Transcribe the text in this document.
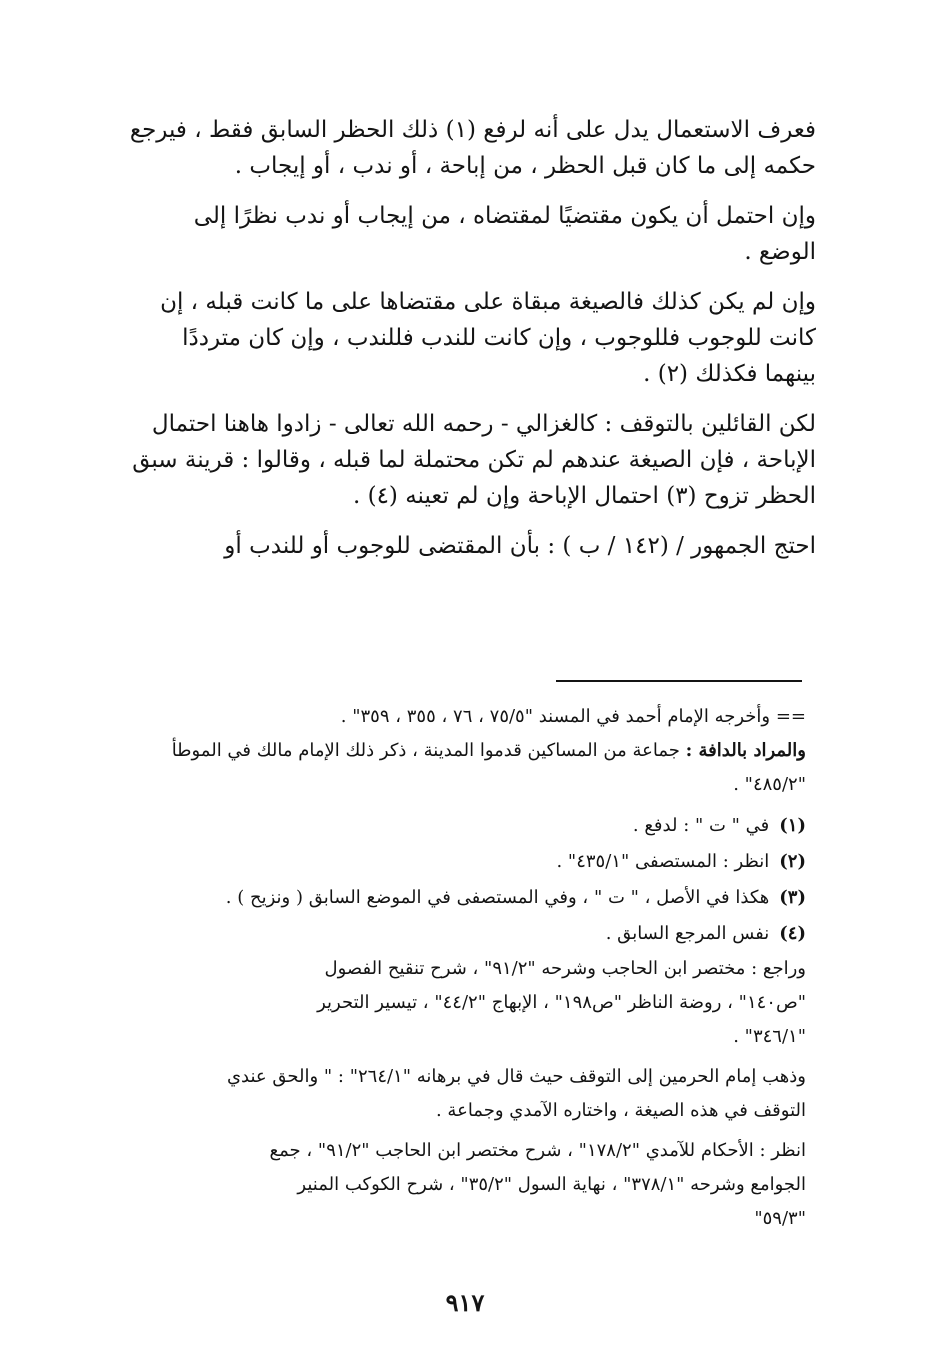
فعرف الاستعمال يدل على أنه لرفع (١) ذلك الحظر السابق فقط ، فيرجع
حكمه إلى ما كان قبل الحظر ، من إباحة ، أو ندب ، أو إيجاب .

وإن احتمل أن يكون مقتضيًا لمقتضاه ، من إيجاب أو ندب نظرًا إلى
الوضع .

وإن لم يكن كذلك فالصيغة مبقاة على مقتضاها على ما كانت قبله ، إن
كانت للوجوب فللوجوب ، وإن كانت للندب فللندب ، وإن كان مترددًا
بينهما فكذلك (٢) .

لكن القائلين بالتوقف : كالغزالي - رحمه الله تعالى - زادوا هاهنا احتمال
الإباحة ، فإن الصيغة عندهم لم تكن محتملة لما قبله ، وقالوا : قرينة سبق
الحظر تزوح (٣) احتمال الإباحة وإن لم تعينه (٤) .

احتج الجمهور / (١٤٢ / ب ) : بأن المقتضى للوجوب أو للندب أو

== وأخرجه الإمام أحمد في المسند "٧٥/٥ ، ٧٦ ، ٣٥٥ ، ٣٥٩" .
والمراد بالدافة : جماعة من المساكين قدموا المدينة ، ذكر ذلك الإمام مالك في الموطأ
"٤٨٥/٢" .
(١)في " ت " : لدفع .
(٢)انظر : المستصفى "٤٣٥/١" .
(٣)هكذا في الأصل ، " ت " ، وفي المستصفى في الموضع السابق ( ونزيح ) .
(٤)نفس المرجع السابق .
وراجع : مختصر ابن الحاجب وشرحه "٩١/٢" ، شرح تنقيح الفصول
"ص١٤٠" ، روضة الناظر "ص١٩٨" ، الإبهاج "٤٤/٢" ، تيسير التحرير
"٣٤٦/١" .
وذهب إمام الحرمين إلى التوقف حيث قال في برهانه "٢٦٤/١" : " والحق عندي
التوقف في هذه الصيغة ، واختاره الآمدي وجماعة .
انظر : الأحكام للآمدي "١٧٨/٢" ، شرح مختصر ابن الحاجب "٩١/٢" ، جمع
الجوامع وشرحه "٣٧٨/١" ، نهاية السول "٣٥/٢" ، شرح الكوكب المنير
"٥٩/٣"
٩١٧
